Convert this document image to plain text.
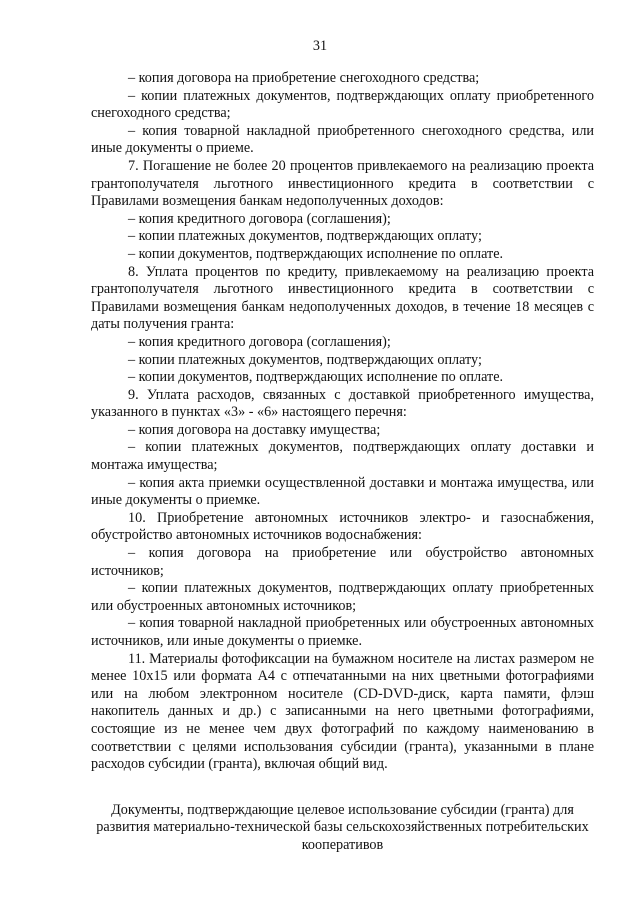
31

– копия договора на приобретение снегоходного средства;

– копии платежных документов, подтверждающих оплату приобретенного снегоходного средства;

– копия товарной накладной приобретенного снегоходного средства, или иные документы о приеме.

7. Погашение не более 20 процентов привлекаемого на реализацию проекта грантополучателя льготного инвестиционного кредита в соответствии с Правилами возмещения банкам недополученных доходов:

– копия кредитного договора (соглашения);

– копии платежных документов, подтверждающих оплату;

– копии документов, подтверждающих исполнение по оплате.

8. Уплата процентов по кредиту, привлекаемому на реализацию проекта грантополучателя льготного инвестиционного кредита в соответствии с Правилами возмещения банкам недополученных доходов, в течение 18 месяцев с даты получения гранта:

– копия кредитного договора (соглашения);

– копии платежных документов, подтверждающих оплату;

– копии документов, подтверждающих исполнение по оплате.

9. Уплата расходов, связанных с доставкой приобретенного имущества, указанного в пунктах «3» - «6» настоящего перечня:

– копия договора на доставку имущества;

– копии платежных документов, подтверждающих оплату доставки и монтажа имущества;

– копия акта приемки осуществленной доставки и монтажа имущества, или иные документы о приемке.

10. Приобретение автономных источников электро- и газоснабжения, обустройство автономных источников водоснабжения:

– копия договора на приобретение или обустройство автономных источников;

– копии платежных документов, подтверждающих оплату приобретенных или обустроенных автономных источников;

– копия товарной накладной приобретенных или обустроенных автономных источников, или иные документы о приемке.

11. Материалы фотофиксации на бумажном носителе на листах размером не менее 10х15 или формата А4 с отпечатанными на них цветными фотографиями или на любом электронном носителе (CD-DVD-диск, карта памяти, флэш накопитель данных и др.) с записанными на него цветными фотографиями, состоящие из не менее чем двух фотографий по каждому наименованию в соответствии с целями использования субсидии (гранта), указанными в плане расходов субсидии (гранта), включая общий вид.

Документы, подтверждающие целевое использование субсидии (гранта) для развития материально-технической базы сельскохозяйственных потребительских кооперативов
